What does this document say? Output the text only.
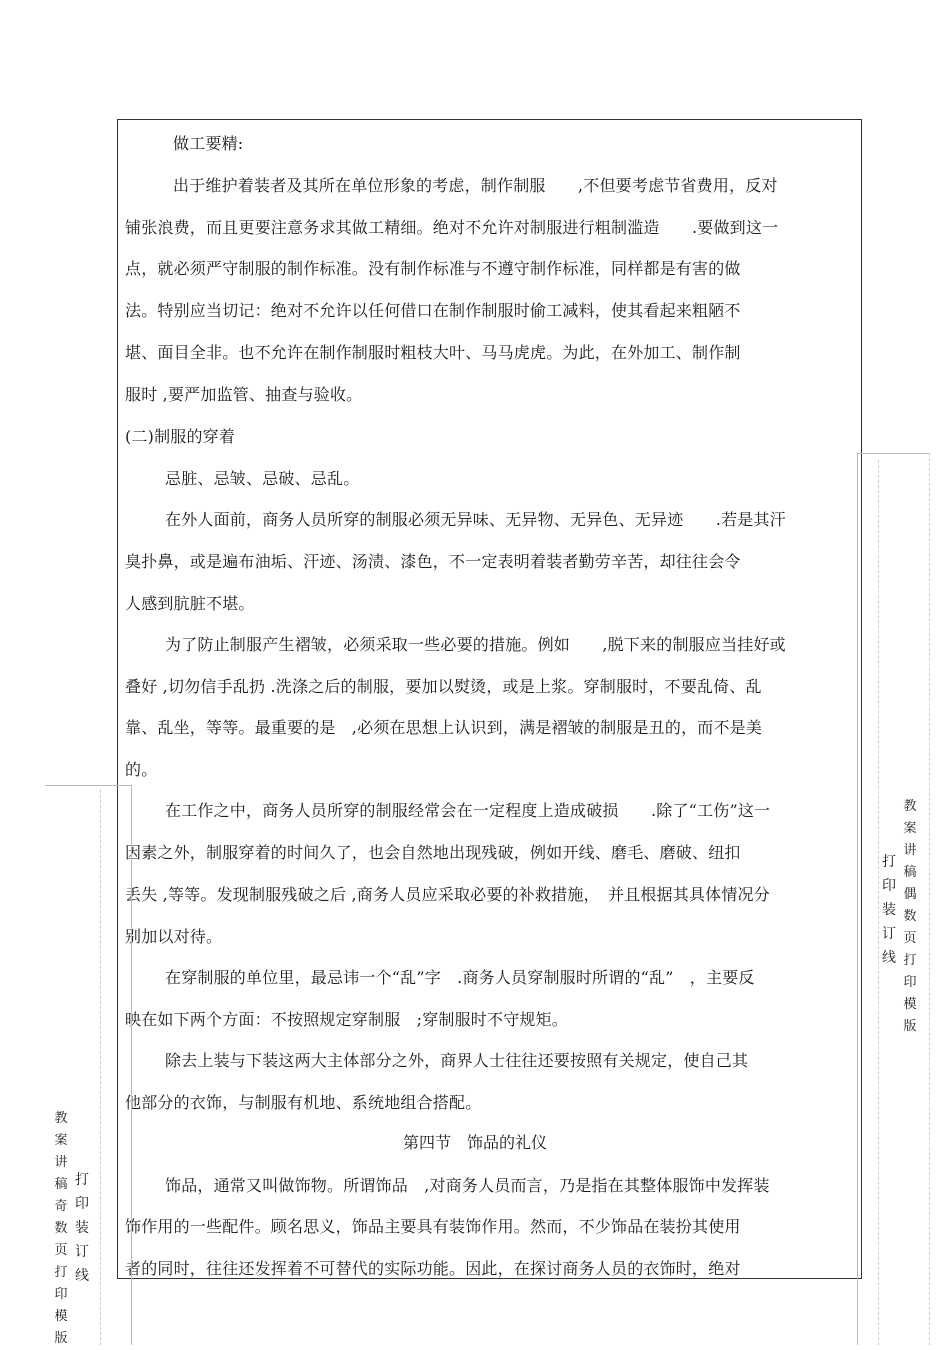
做工要精:
出于维护着装者及其所在单位形象的考虑，制作制服　　,不但要考虑节省费用，反对
铺张浪费，而且更要注意务求其做工精细。绝对不允许对制服进行粗制滥造　　.要做到这一
点，就必须严守制服的制作标准。没有制作标准与不遵守制作标准，同样都是有害的做
法。特别应当切记：绝对不允许以任何借口在制作制服时偷工减料，使其看起来粗陋不
堪、面目全非。也不允许在制作制服时粗枝大叶、马马虎虎。为此，在外加工、制作制
服时 ,要严加监管、抽查与验收。
(二)制服的穿着
忌脏、忌皱、忌破、忌乱。
在外人面前，商务人员所穿的制服必须无异味、无异物、无异色、无异迹　　.若是其汗
臭扑鼻，或是遍布油垢、汗迹、汤渍、漆色，不一定表明着装者勤劳辛苦，却往往会令
人感到肮脏不堪。
为了防止制服产生褶皱，必须采取一些必要的措施。例如　　,脱下来的制服应当挂好或
叠好 ,切勿信手乱扔 .洗涤之后的制服，要加以熨烫，或是上浆。穿制服时，不要乱倚、乱
靠、乱坐，等等。最重要的是　,必须在思想上认识到，满是褶皱的制服是丑的，而不是美
的。
在工作之中，商务人员所穿的制服经常会在一定程度上造成破损　　.除了“工伤”这一
因素之外，制服穿着的时间久了，也会自然地出现残破，例如开线、磨毛、磨破、纽扣
丢失 ,等等。发现制服残破之后 ,商务人员应采取必要的补救措施，　并且根据其具体情况分
别加以对待。
在穿制服的单位里，最忌讳一个“乱”字　.商务人员穿制服时所谓的“乱”　，主要反
映在如下两个方面：不按照规定穿制服　;穿制服时不守规矩。
除去上装与下装这两大主体部分之外，商界人士往往还要按照有关规定，使自己其
他部分的衣饰，与制服有机地、系统地组合搭配。
第四节　饰品的礼仪
饰品，通常又叫做饰物。所谓饰品　,对商务人员而言，乃是指在其整体服饰中发挥装
饰作用的一些配件。顾名思义，饰品主要具有装饰作用。然而，不少饰品在装扮其使用
者的同时，往往还发挥着不可替代的实际功能。因此，在探讨商务人员的衣饰时，绝对
教案讲稿偶数页打印模版
打印装订线
教案讲稿奇数页打印模版
打印装订线
